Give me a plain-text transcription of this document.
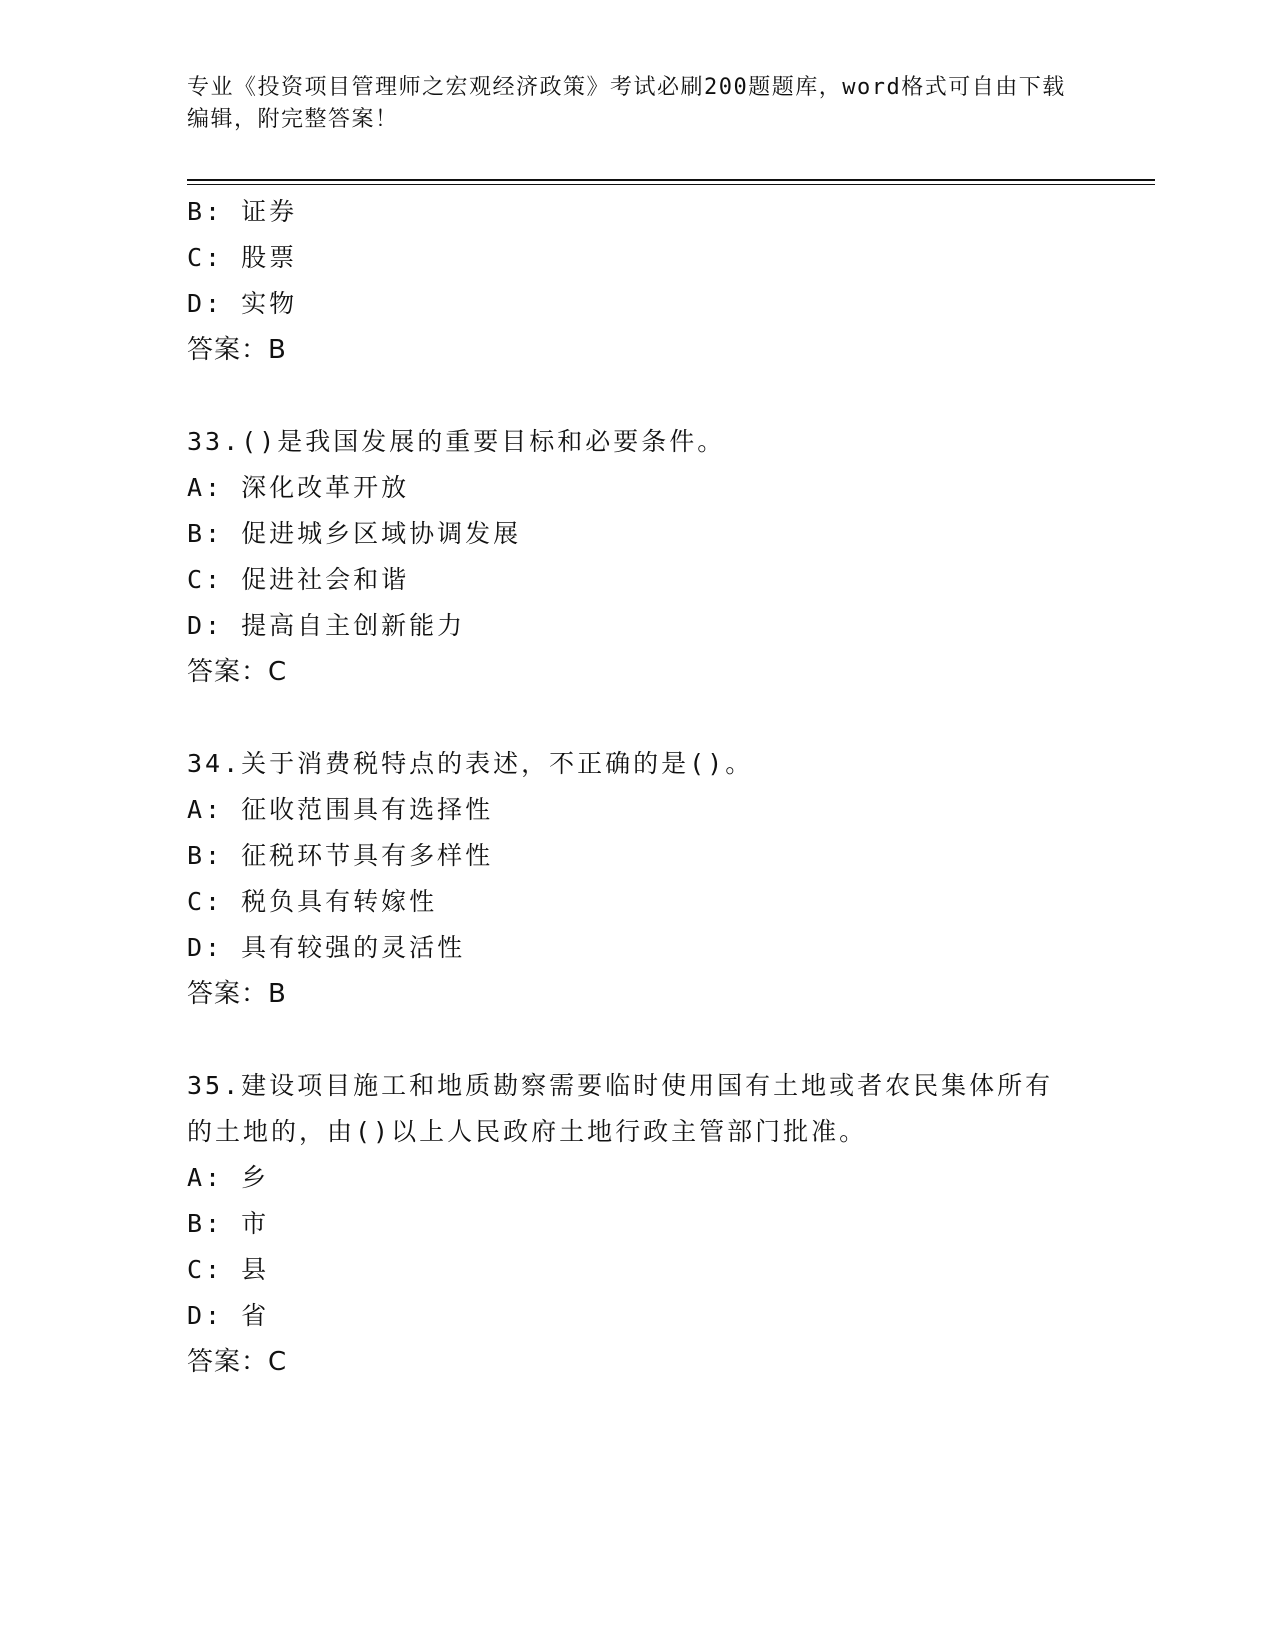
专业《投资项目管理师之宏观经济政策》考试必刷200题题库，word格式可自由下载编辑，附完整答案！
B: 证券
C: 股票
D: 实物
答案：B
33.()是我国发展的重要目标和必要条件。
A: 深化改革开放
B: 促进城乡区域协调发展
C: 促进社会和谐
D: 提高自主创新能力
答案：C
34.关于消费税特点的表述，不正确的是()。
A: 征收范围具有选择性
B: 征税环节具有多样性
C: 税负具有转嫁性
D: 具有较强的灵活性
答案：B
35.建设项目施工和地质勘察需要临时使用国有土地或者农民集体所有
的土地的，由()以上人民政府土地行政主管部门批准。
A: 乡
B: 市
C: 县
D: 省
答案：C
